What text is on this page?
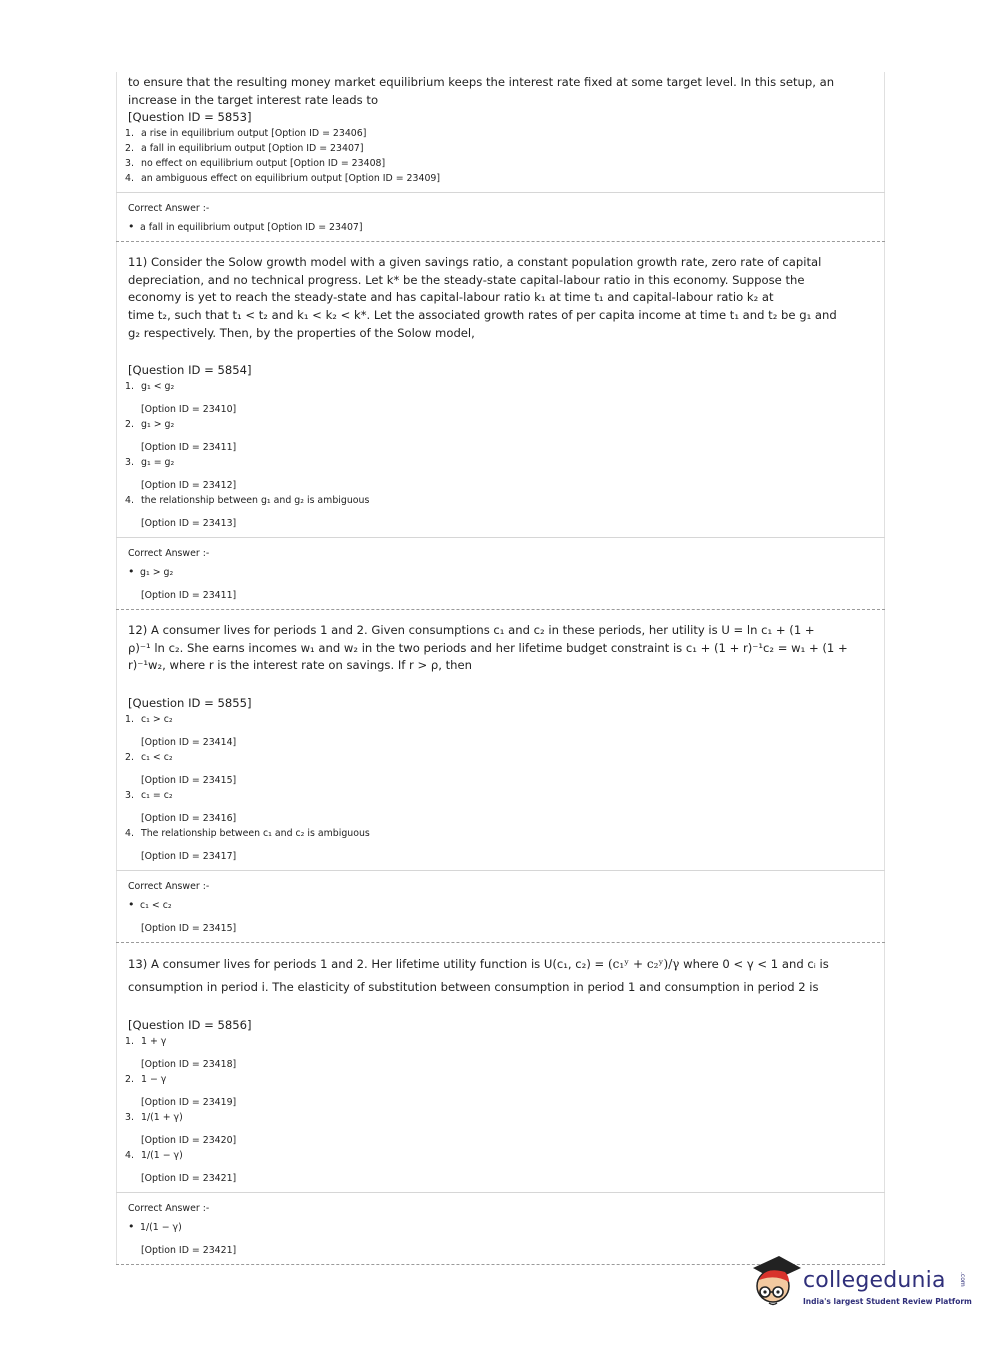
to ensure that the resulting money market equilibrium keeps the interest rate fixed at some target level. In this setup, an

increase in the target interest rate leads to

[Question ID = 5853]

1. a rise in equilibrium output [Option ID = 23406]
2. a fall in equilibrium output [Option ID = 23407]
3. no effect on equilibrium output [Option ID = 23408]
4. an ambiguous effect on equilibrium output [Option ID = 23409]
Correct Answer :-
• a fall in equilibrium output [Option ID = 23407]

11) Consider the Solow growth model with a given savings ratio, a constant population growth rate, zero rate of capital

depreciation, and no technical progress. Let k* be the steady-state capital-labour ratio in this economy. Suppose the

economy is yet to reach the steady-state and has capital-labour ratio k₁ at time t₁ and capital-labour ratio k₂ at

time t₂, such that t₁ < t₂ and k₁ < k₂ < k*. Let the associated growth rates of per capita income at time t₁ and t₂ be g₁ and

g₂ respectively. Then, by the properties of the Solow model,

[Question ID = 5854]

1. g₁ < g₂
[Option ID = 23410]
2. g₁ > g₂
[Option ID = 23411]
3. g₁ = g₂
[Option ID = 23412]
4. the relationship between g₁ and g₂ is ambiguous
[Option ID = 23413]
Correct Answer :-
• g₁ > g₂
[Option ID = 23411]

12) A consumer lives for periods 1 and 2. Given consumptions c₁ and c₂ in these periods, her utility is U = ln c₁ + (1 +

ρ)⁻¹ ln c₂. She earns incomes w₁ and w₂ in the two periods and her lifetime budget constraint is c₁ + (1 + r)⁻¹c₂ = w₁ + (1 +

r)⁻¹w₂, where r is the interest rate on savings. If r > ρ, then

[Question ID = 5855]

1. c₁ > c₂
[Option ID = 23414]
2. c₁ < c₂
[Option ID = 23415]
3. c₁ = c₂
[Option ID = 23416]
4. The relationship between c₁ and c₂ is ambiguous
[Option ID = 23417]
Correct Answer :-
• c₁ < c₂
[Option ID = 23415]

13) A consumer lives for periods 1 and 2. Her lifetime utility function is U(c₁, c₂) = (c₁ʸ + c₂ʸ)/γ where 0 < γ < 1 and cᵢ is

consumption in period i. The elasticity of substitution between consumption in period 1 and consumption in period 2 is

[Question ID = 5856]

1. 1 + γ
[Option ID = 23418]
2. 1 − γ
[Option ID = 23419]
3. 1/(1 + γ)
[Option ID = 23420]
4. 1/(1 − γ)
[Option ID = 23421]
Correct Answer :-
• 1/(1 − γ)
[Option ID = 23421]
collegedunia .com
India's largest Student Review Platform
